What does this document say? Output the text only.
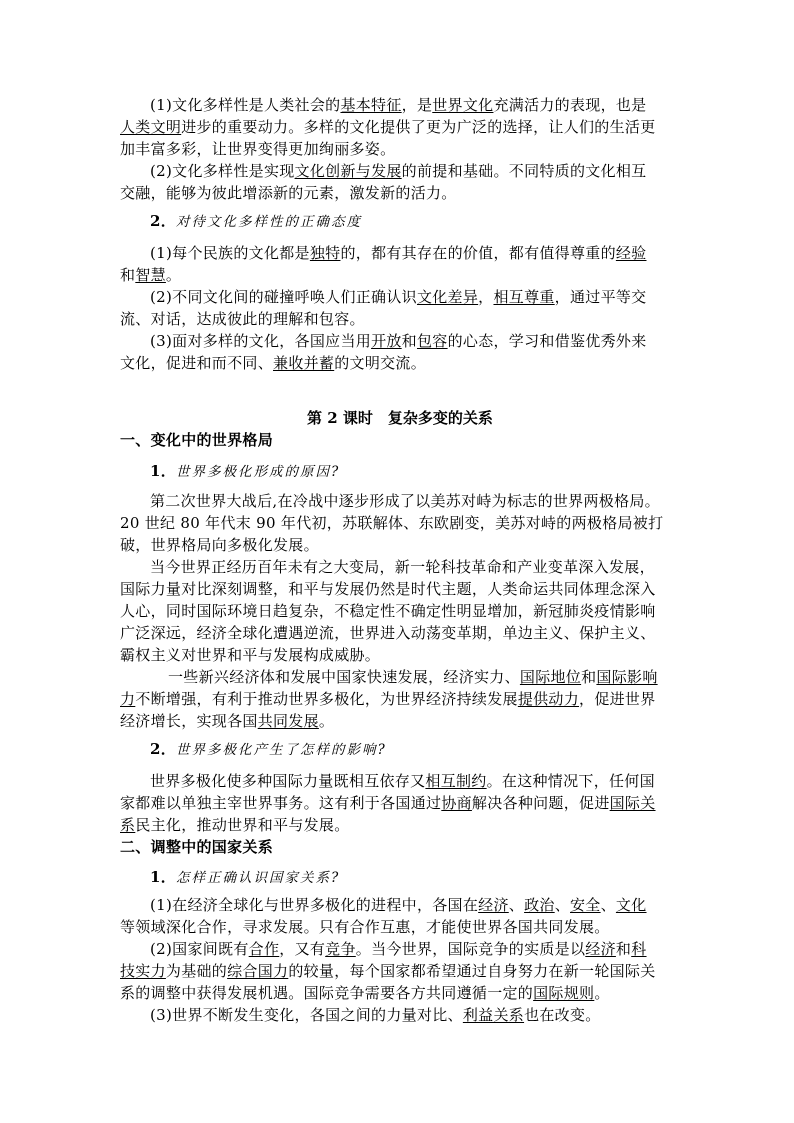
(1)文化多样性是人类社会的基本特征，是世界文化充满活力的表现，也是
人类文明进步的重要动力。多样的文化提供了更为广泛的选择，让人们的生活更
加丰富多彩，让世界变得更加绚丽多姿。
(2)文化多样性是实现文化创新与发展的前提和基础。不同特质的文化相互
交融，能够为彼此增添新的元素，激发新的活力。
2．对待文化多样性的正确态度
(1)每个民族的文化都是独特的，都有其存在的价值，都有值得尊重的经验
和智慧。
(2)不同文化间的碰撞呼唤人们正确认识文化差异，相互尊重，通过平等交
流、对话，达成彼此的理解和包容。
(3)面对多样的文化，各国应当用开放和包容的心态，学习和借鉴优秀外来
文化，促进和而不同、兼收并蓄的文明交流。
第 2 课时　复杂多变的关系
一、变化中的世界格局
1．世界多极化形成的原因?
第二次世界大战后,在冷战中逐步形成了以美苏对峙为标志的世界两极格局。
20 世纪 80 年代末 90 年代初，苏联解体、东欧剧变，美苏对峙的两极格局被打
破，世界格局向多极化发展。
当今世界正经历百年未有之大变局，新一轮科技革命和产业变革深入发展，
国际力量对比深刻调整，和平与发展仍然是时代主题，人类命运共同体理念深入
人心，同时国际环境日趋复杂，不稳定性不确定性明显增加，新冠肺炎疫情影响
广泛深远，经济全球化遭遇逆流，世界进入动荡变革期，单边主义、保护主义、
霸权主义对世界和平与发展构成威胁。
一些新兴经济体和发展中国家快速发展，经济实力、国际地位和国际影响
力不断增强，有利于推动世界多极化，为世界经济持续发展提供动力，促进世界
经济增长，实现各国共同发展。
2．世界多极化产生了怎样的影响?
世界多极化使多种国际力量既相互依存又相互制约。在这种情况下，任何国
家都难以单独主宰世界事务。这有利于各国通过协商解决各种问题，促进国际关
系民主化，推动世界和平与发展。
二、调整中的国家关系
1．怎样正确认识国家关系?
(1)在经济全球化与世界多极化的进程中，各国在经济、政治、安全、文化
等领域深化合作，寻求发展。只有合作互惠，才能使世界各国共同发展。
(2)国家间既有合作，又有竞争。当今世界，国际竞争的实质是以经济和科
技实力为基础的综合国力的较量，每个国家都希望通过自身努力在新一轮国际关
系的调整中获得发展机遇。国际竞争需要各方共同遵循一定的国际规则。
(3)世界不断发生变化，各国之间的力量对比、利益关系也在改变。
